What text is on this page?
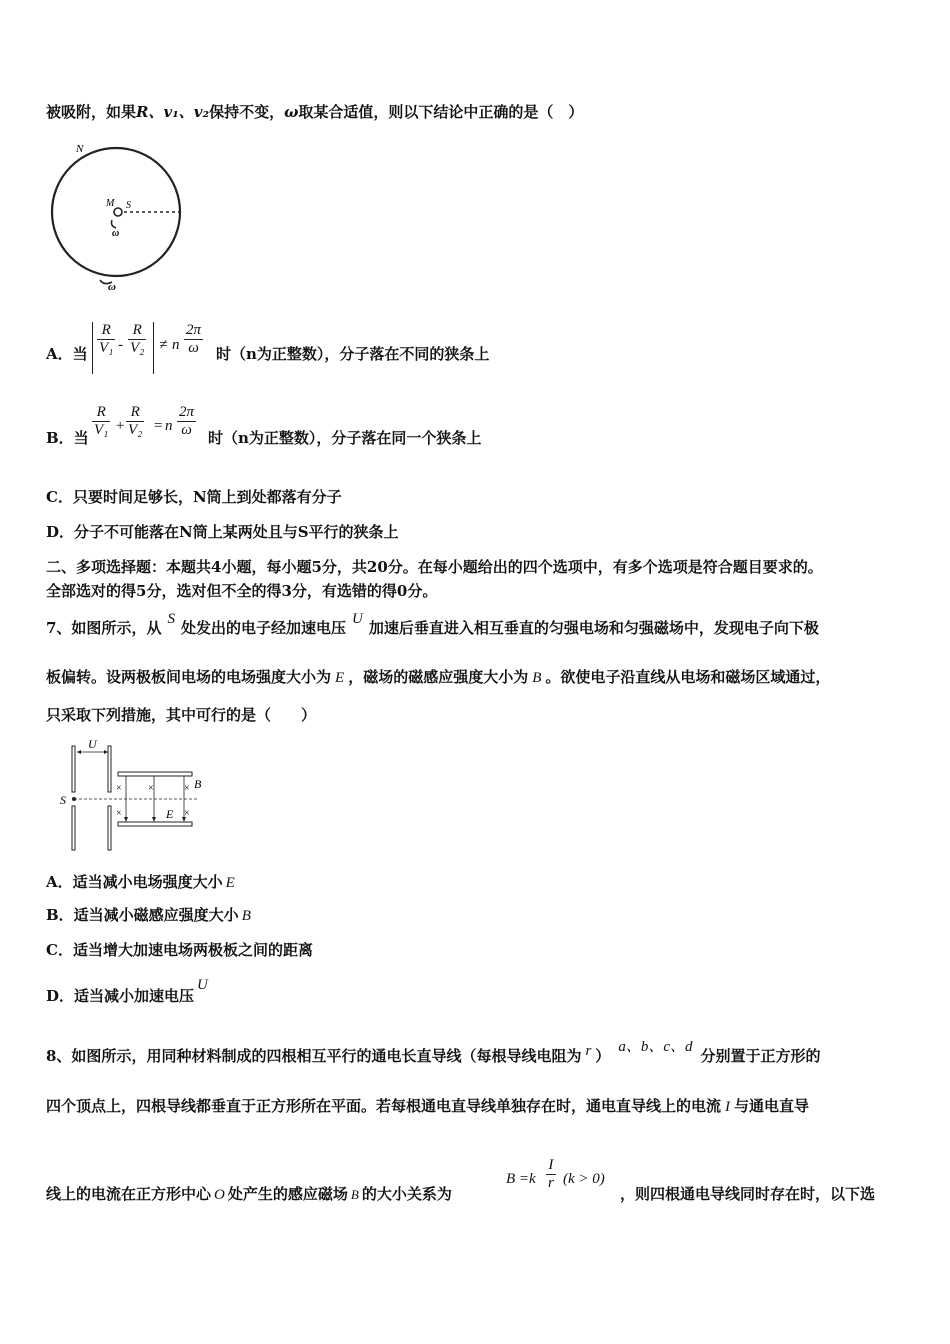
被吸附，如果R、v₁、v₂保持不变，ω取某合适值，则以下结论中正确的是（　）
N
M S
ω
ω
A．当 $\frac{R}{\text{V₁}} - \frac{R}{\text{V₂}} \ne n \frac{2\pi}{\omega}$ 时（n为正整数），分子落在不同的狭条上
B．当 $\frac{R}{\text{V₁}} + \frac{R}{\text{V₂}} = n \frac{2\pi}{\omega}$ 时（n为正整数），分子落在同一个狭条上
C．只要时间足够长，N筒上到处都落有分子
D．分子不可能落在N筒上某两处且与S平行的狭条上
二、多项选择题：本题共4小题，每小题5分，共20分。在每小题给出的四个选项中，有多个选项是符合题目要求的。
全部选对的得5分，选对但不全的得3分，有选错的得0分。
7、如图所示，从 S 处发出的电子经加速电压 U 加速后垂直进入相互垂直的匀强电场和匀强磁场中，发现电子向下极
板偏转。设两极板间电场的电场强度大小为 E ，磁场的磁感应强度大小为 B 。欲使电子沿直线从电场和磁场区域通过，
只采取下列措施，其中可行的是（　　）
U
S
×	×	×
×	×
B
E
A．适当减小电场强度大小 E
B．适当减小磁感应强度大小 B
C．适当增大加速电场两极板之间的距离
D．适当减小加速电压U
8、如图所示，用同种材料制成的四根相互平行的通电长直导线（每根导线电阻为 r ） a、b、c、d 分别置于正方形的
四个顶点上，四根导线都垂直于正方形所在平面。若每根通电直导线单独存在时，通电直导线上的电流 I 与通电直导
线上的电流在正方形中心 O 处产生的感应磁场 B 的大小关系为
$B =k \frac{I}{r} (k > 0)$
，则四根通电导线同时存在时，以下选
